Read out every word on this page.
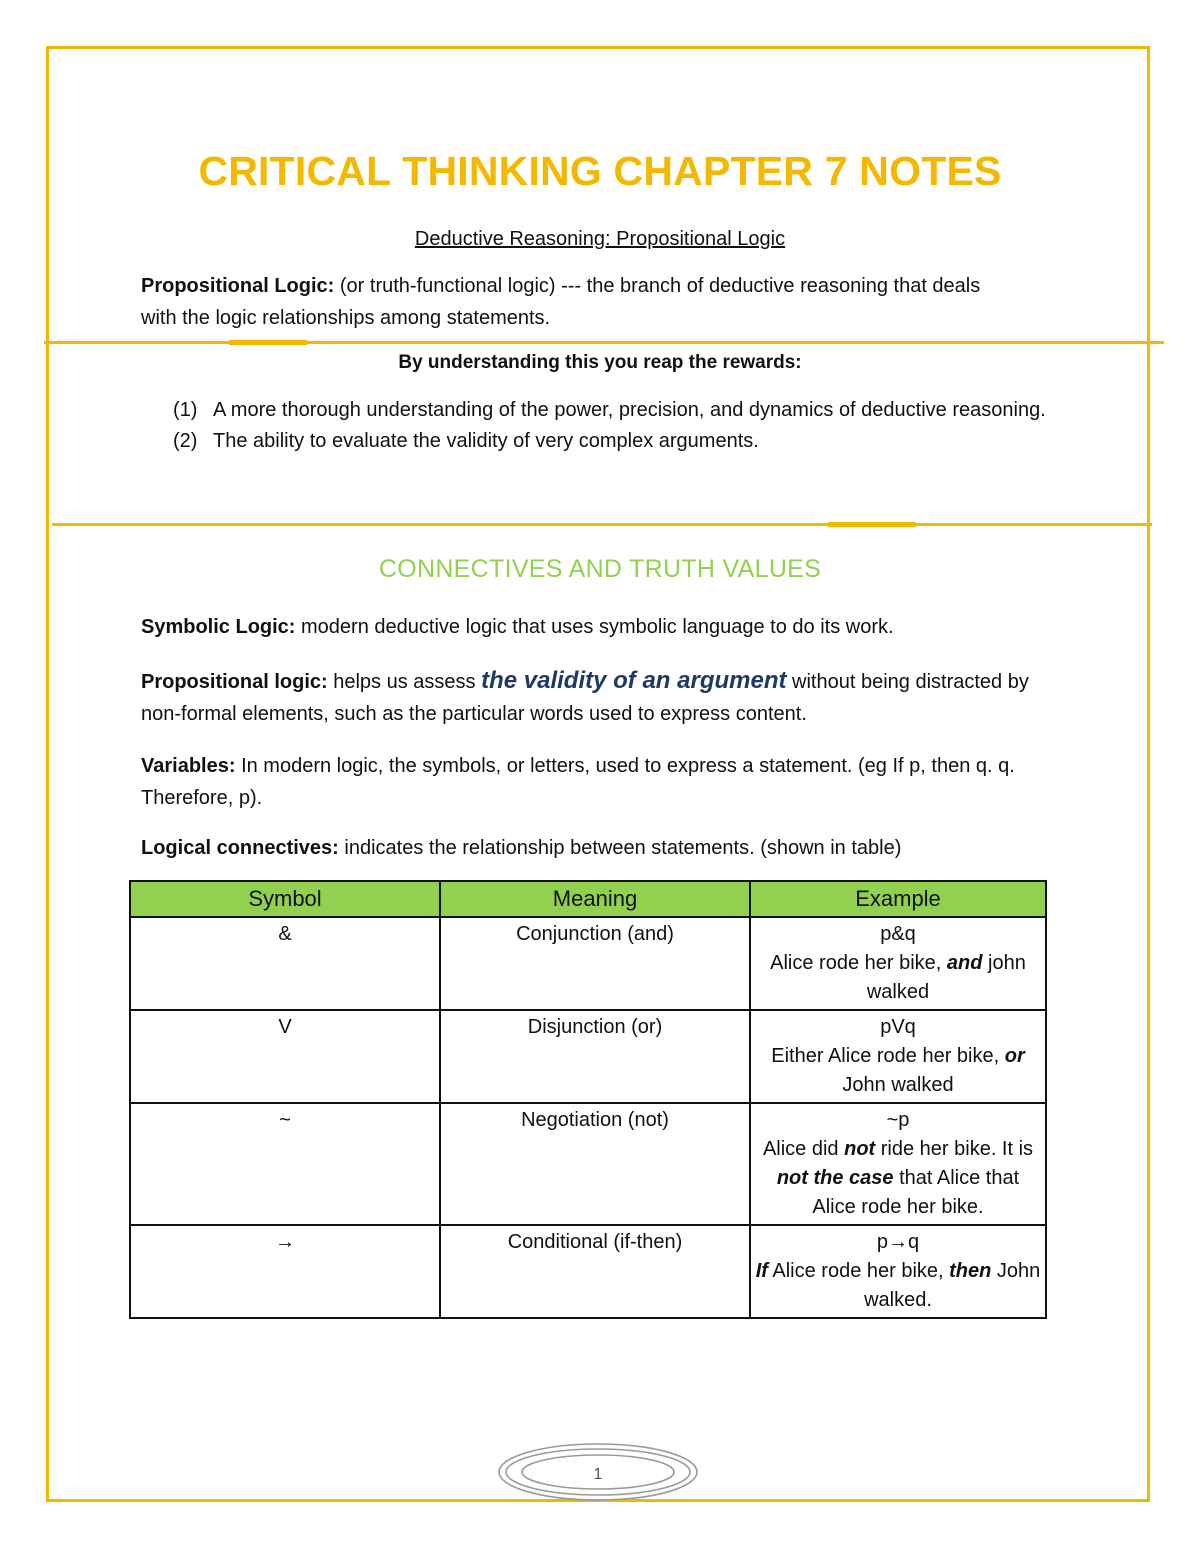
CRITICAL THINKING CHAPTER 7 NOTES
Deductive Reasoning: Propositional Logic
Propositional Logic: (or truth-functional logic) --- the branch of deductive reasoning that deals
with the logic relationships among statements.
By understanding this you reap the rewards:
(1) A more thorough understanding of the power, precision, and dynamics of deductive reasoning.
(2) The ability to evaluate the validity of very complex arguments.
CONNECTIVES AND TRUTH VALUES
Symbolic Logic: modern deductive logic that uses symbolic language to do its work.
Propositional logic: helps us assess the validity of an argument without being distracted by non-formal elements, such as the particular words used to express content.
Variables: In modern logic, the symbols, or letters, used to express a statement. (eg If p, then q. q. Therefore, p).
Logical connectives: indicates the relationship between statements. (shown in table)
Symbol	Meaning	Example
&	Conjunction (and)	p&q
Alice rode her bike, and john walked

V	Disjunction (or)	pVq
Either Alice rode her bike, or John walked

~	Negotiation (not)	~p
Alice did not ride her bike. It is not the case that Alice that Alice rode her bike.

→	Conditional (if-then)	p→q
If Alice rode her bike, then John walked.
1
